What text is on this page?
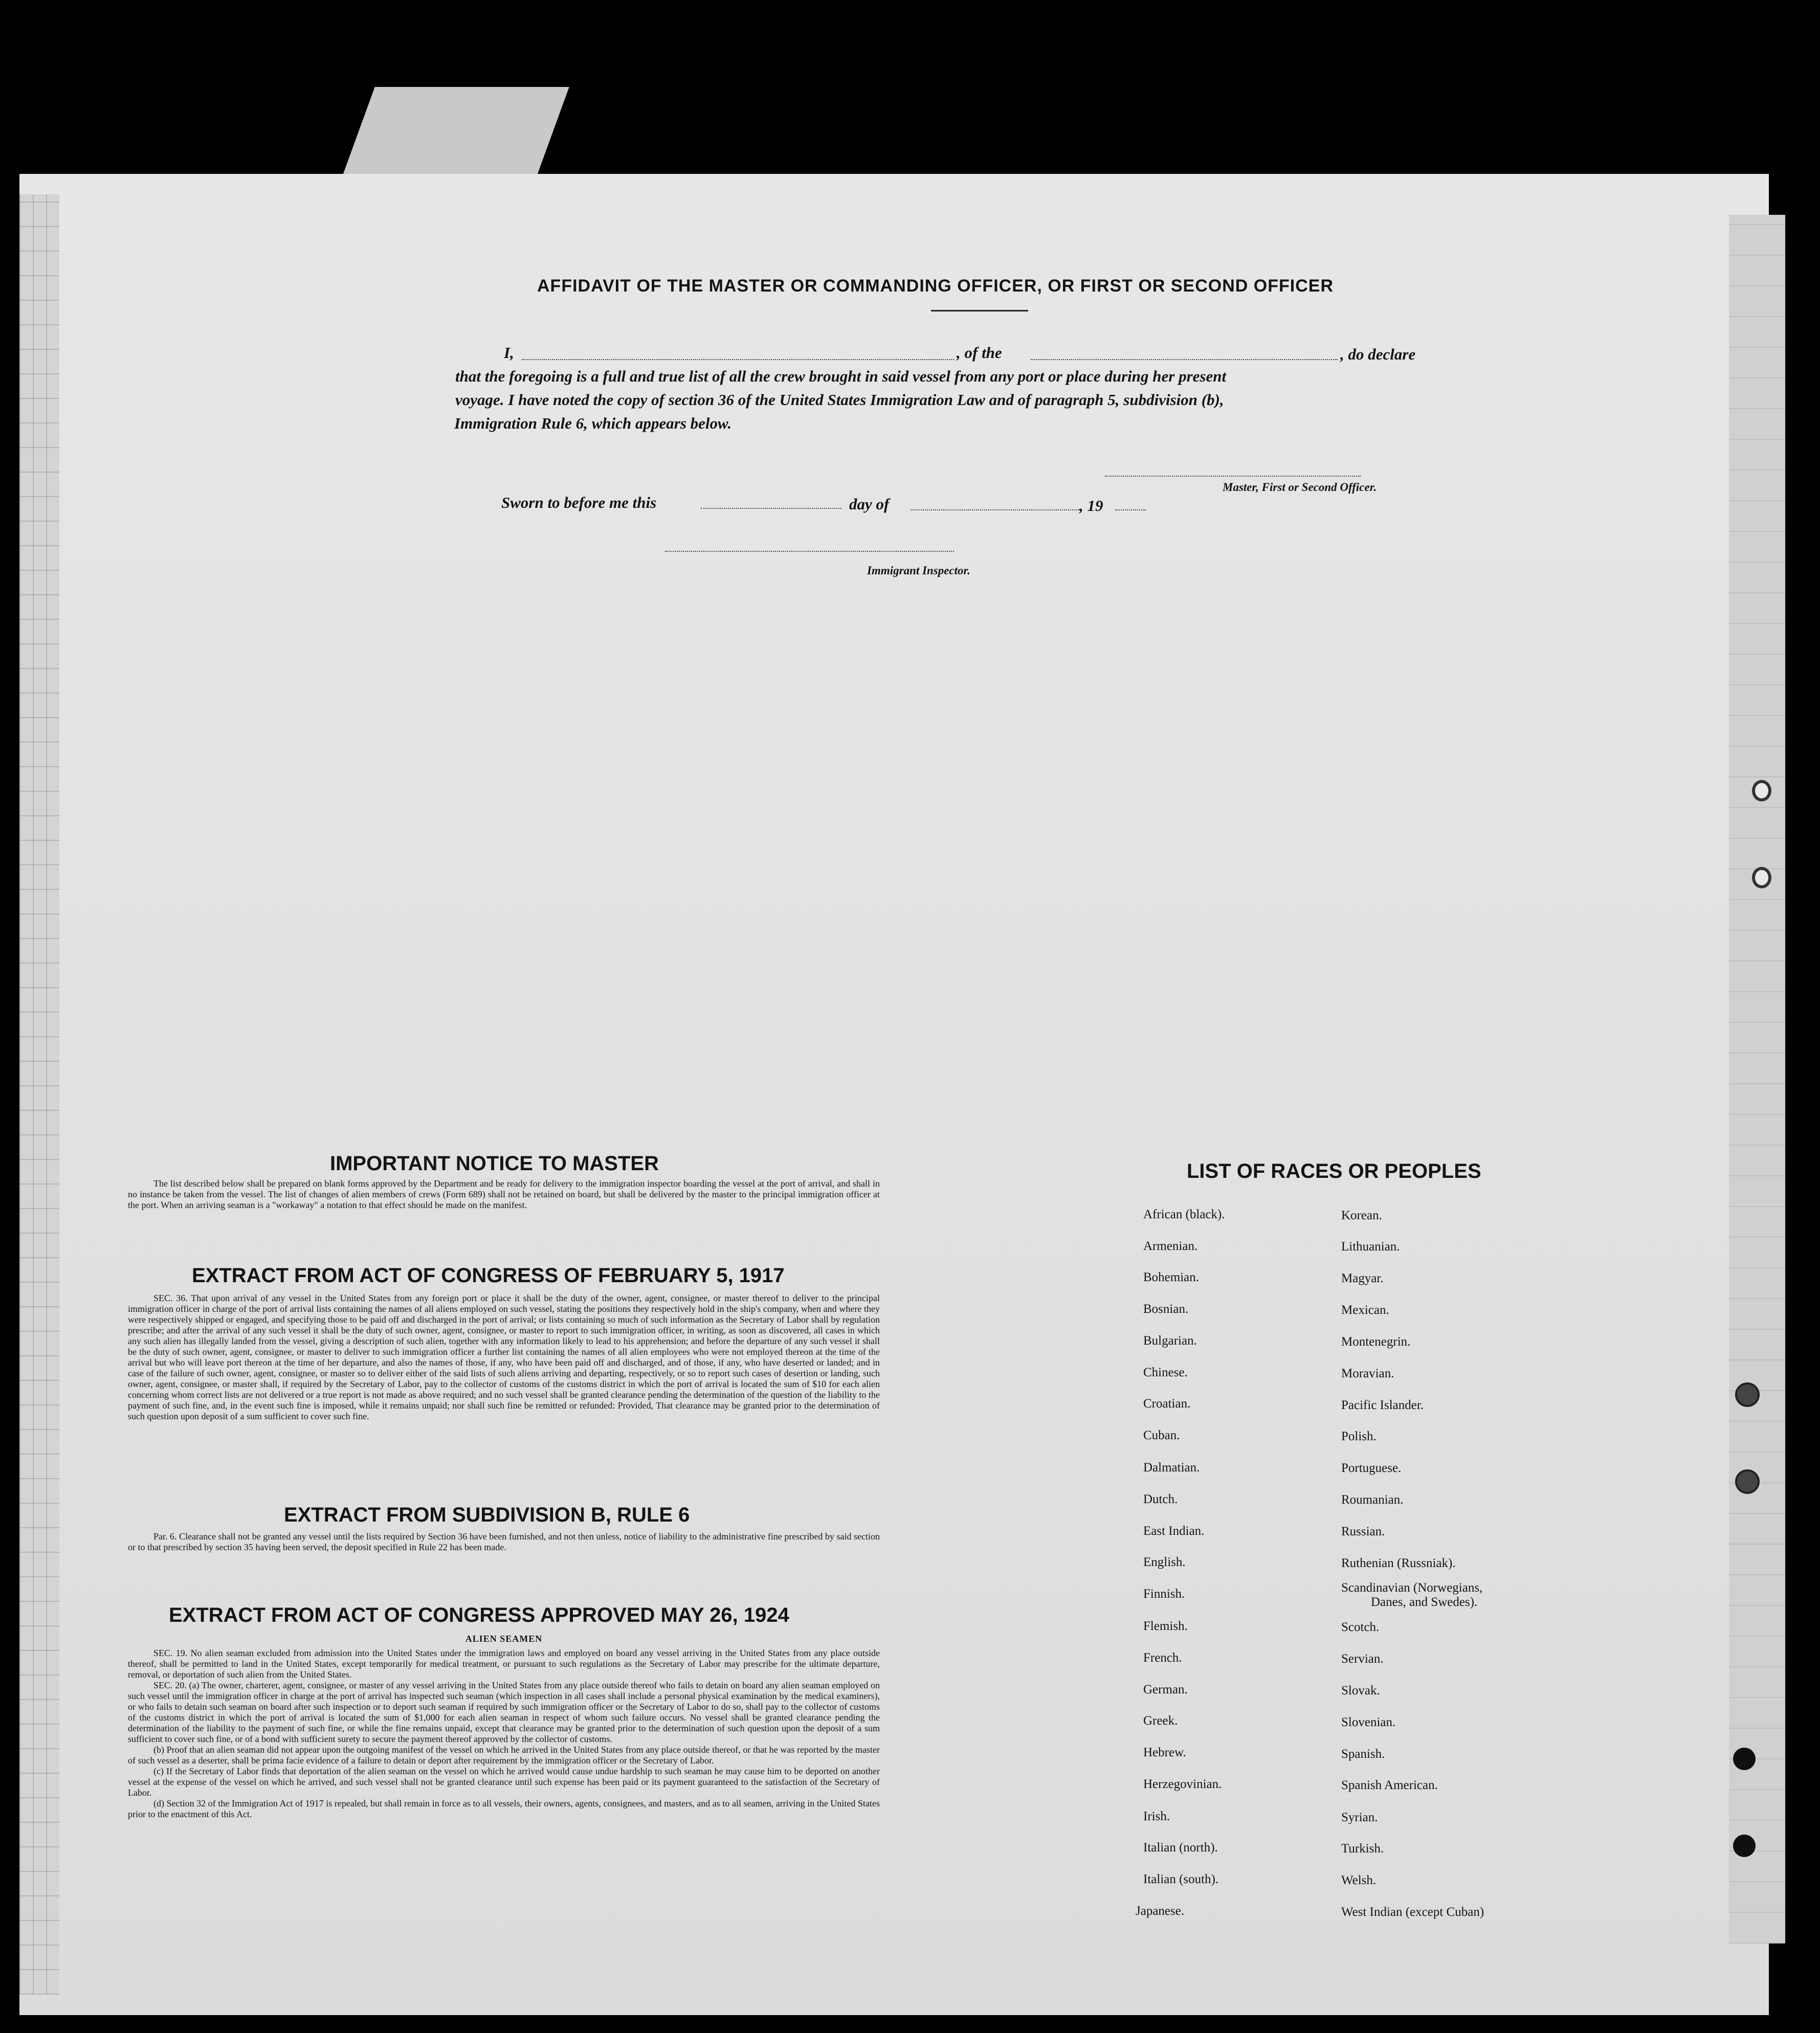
AFFIDAVIT OF THE MASTER OR COMMANDING OFFICER, OR FIRST OR SECOND OFFICER
I,	, of the	, do declare
that the foregoing is a full and true list of all the crew brought in said vessel from any port or place during her present
voyage. I have noted the copy of section 36 of the United States Immigration Law and of paragraph 5, subdivision (b),
Immigration Rule 6, which appears below.
Master, First or Second Officer.
Sworn to before me this	day of	, 19
Immigrant Inspector.
IMPORTANT NOTICE TO MASTER

The list described below shall be prepared on blank forms approved by the Department and be ready for delivery to the immigration inspector boarding the vessel at the port of arrival, and shall in no instance be taken from the vessel. The list of changes of alien members of crews (Form 689) shall not be retained on board, but shall be delivered by the master to the principal immigration officer at the port. When an arriving seaman is a "workaway" a notation to that effect should be made on the manifest.

EXTRACT FROM ACT OF CONGRESS OF FEBRUARY 5, 1917

SEC. 36. That upon arrival of any vessel in the United States from any foreign port or place it shall be the duty of the owner, agent, consignee, or master thereof to deliver to the principal immigration officer in charge of the port of arrival lists containing the names of all aliens employed on such vessel, stating the positions they respectively hold in the ship's company, when and where they were respectively shipped or engaged, and specifying those to be paid off and discharged in the port of arrival; or lists containing so much of such information as the Secretary of Labor shall by regulation prescribe; and after the arrival of any such vessel it shall be the duty of such owner, agent, consignee, or master to report to such immigration officer, in writing, as soon as discovered, all cases in which any such alien has illegally landed from the vessel, giving a description of such alien, together with any information likely to lead to his apprehension; and before the departure of any such vessel it shall be the duty of such owner, agent, consignee, or master to deliver to such immigration officer a further list containing the names of all alien employees who were not employed thereon at the time of the arrival but who will leave port thereon at the time of her departure, and also the names of those, if any, who have been paid off and discharged, and of those, if any, who have deserted or landed; and in case of the failure of such owner, agent, consignee, or master so to deliver either of the said lists of such aliens arriving and departing, respectively, or so to report such cases of desertion or landing, such owner, agent, consignee, or master shall, if required by the Secretary of Labor, pay to the collector of customs of the customs district in which the port of arrival is located the sum of $10 for each alien concerning whom correct lists are not delivered or a true report is not made as above required; and no such vessel shall be granted clearance pending the determination of the question of the liability to the payment of such fine, and, in the event such fine is imposed, while it remains unpaid; nor shall such fine be remitted or refunded: Provided, That clearance may be granted prior to the determination of such question upon deposit of a sum sufficient to cover such fine.

EXTRACT FROM SUBDIVISION B, RULE 6

Par. 6. Clearance shall not be granted any vessel until the lists required by Section 36 have been furnished, and not then unless, notice of liability to the administrative fine prescribed by said section or to that prescribed by section 35 having been served, the deposit specified in Rule 22 has been made.

EXTRACT FROM ACT OF CONGRESS APPROVED MAY 26, 1924
ALIEN SEAMEN

SEC. 19. No alien seaman excluded from admission into the United States under the immigration laws and employed on board any vessel arriving in the United States from any place outside thereof, shall be permitted to land in the United States, except temporarily for medical treatment, or pursuant to such regulations as the Secretary of Labor may prescribe for the ultimate departure, removal, or deportation of such alien from the United States.

SEC. 20. (a) The owner, charterer, agent, consignee, or master of any vessel arriving in the United States from any place outside thereof who fails to detain on board any alien seaman employed on such vessel until the immigration officer in charge at the port of arrival has inspected such seaman (which inspection in all cases shall include a personal physical examination by the medical examiners), or who fails to detain such seaman on board after such inspection or to deport such seaman if required by such immigration officer or the Secretary of Labor to do so, shall pay to the collector of customs of the customs district in which the port of arrival is located the sum of $1,000 for each alien seaman in respect of whom such failure occurs. No vessel shall be granted clearance pending the determination of the liability to the payment of such fine, or while the fine remains unpaid, except that clearance may be granted prior to the determination of such question upon the deposit of a sum sufficient to cover such fine, or of a bond with sufficient surety to secure the payment thereof approved by the collector of customs.

(b) Proof that an alien seaman did not appear upon the outgoing manifest of the vessel on which he arrived in the United States from any place outside thereof, or that he was reported by the master of such vessel as a deserter, shall be prima facie evidence of a failure to detain or deport after requirement by the immigration officer or the Secretary of Labor.

(c) If the Secretary of Labor finds that deportation of the alien seaman on the vessel on which he arrived would cause undue hardship to such seaman he may cause him to be deported on another vessel at the expense of the vessel on which he arrived, and such vessel shall not be granted clearance until such expense has been paid or its payment guaranteed to the satisfaction of the Secretary of Labor.

(d) Section 32 of the Immigration Act of 1917 is repealed, but shall remain in force as to all vessels, their owners, agents, consignees, and masters, and as to all seamen, arriving in the United States prior to the enactment of this Act.

LIST OF RACES OR PEOPLES
African (black).
Armenian.
Bohemian.
Bosnian.
Bulgarian.
Chinese.
Croatian.
Cuban.
Dalmatian.
Dutch.
East Indian.
English.
Finnish.
Flemish.
French.
German.
Greek.
Hebrew.
Herzegovinian.
Irish.
Italian (north).
Italian (south).
Japanese.
Korean.
Lithuanian.
Magyar.
Mexican.
Montenegrin.
Moravian.
Pacific Islander.
Polish.
Portuguese.
Roumanian.
Russian.
Ruthenian (Russniak).
Scandinavian (Norwegians,
Danes, and Swedes).
Scotch.
Servian.
Slovak.
Slovenian.
Spanish.
Spanish American.
Syrian.
Turkish.
Welsh.
West Indian (except Cuban)
